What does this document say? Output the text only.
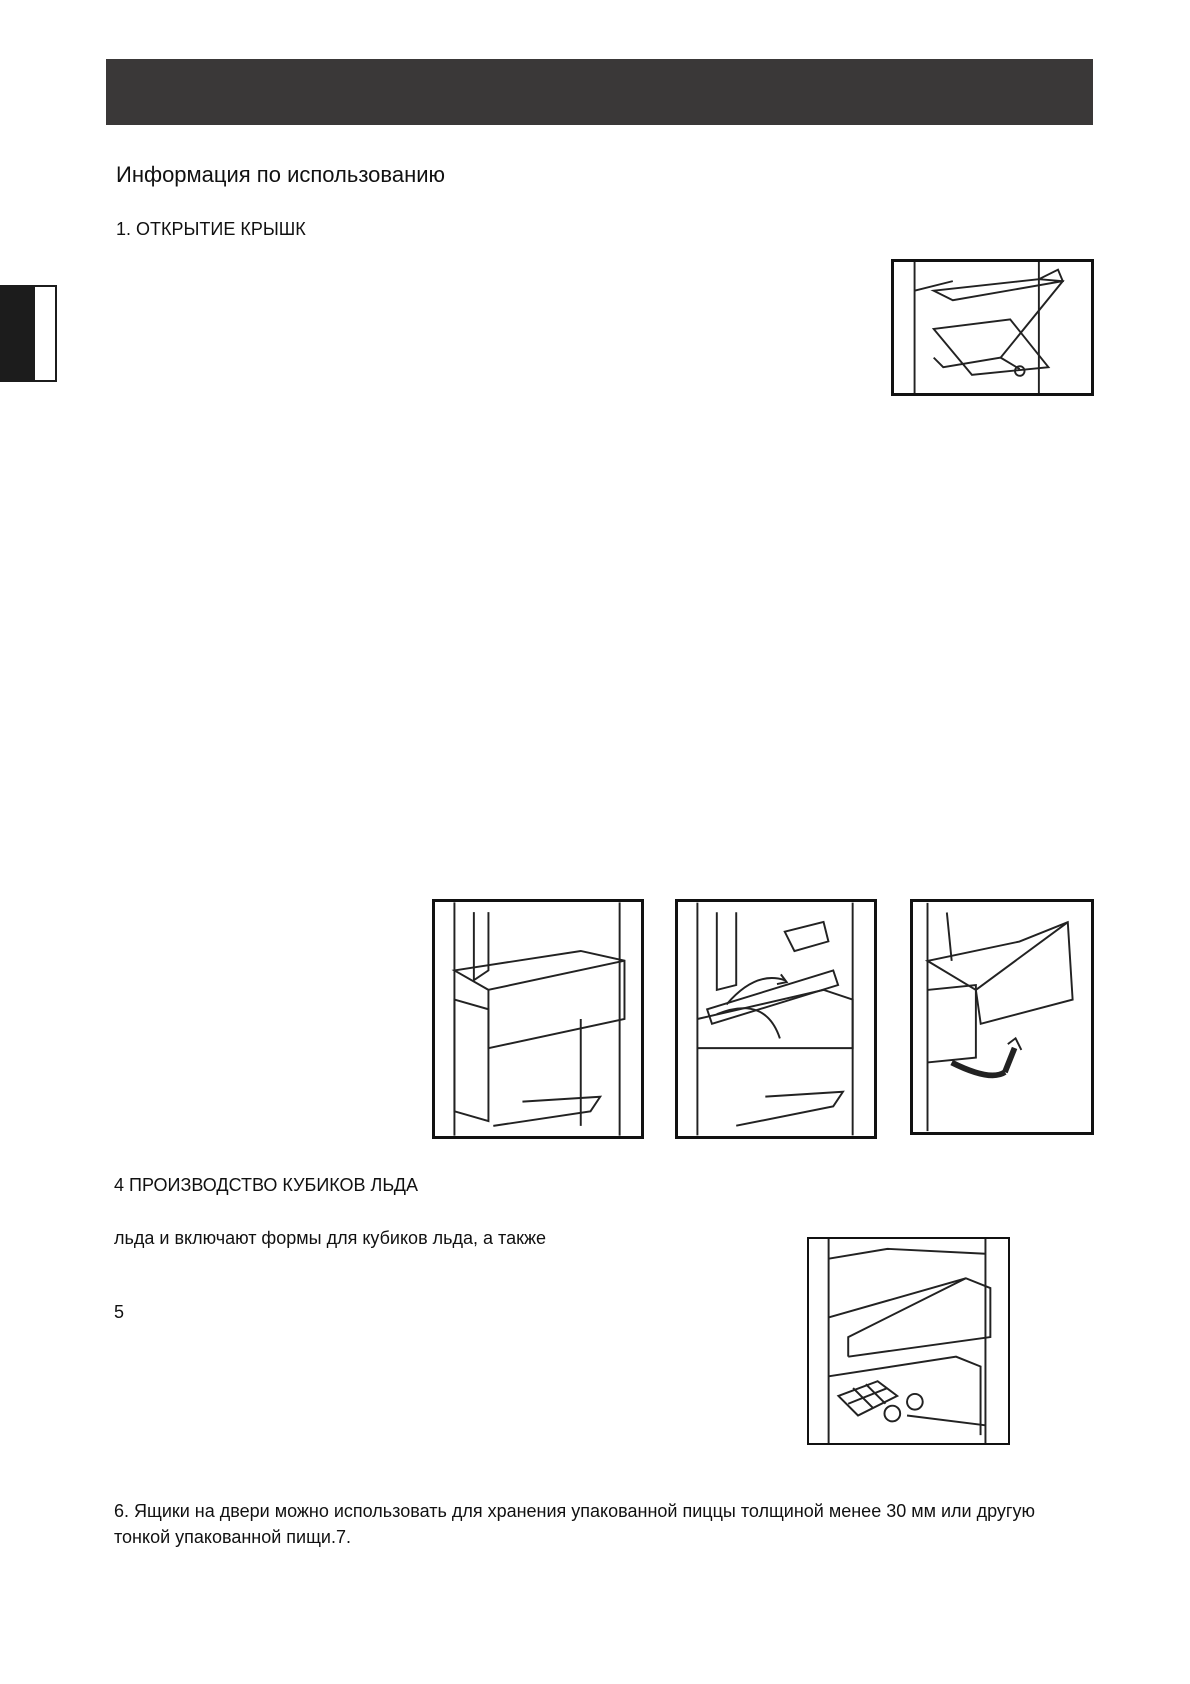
Информация по использованию
1. ОТКРЫТИЕ КРЫШК
4 ПРОИЗВОДСТВО КУБИКОВ ЛЬДА
льда и включают формы для кубиков льда, а также
5
6. Ящики на двери можно использовать для хранения упакованной пиццы толщиной менее 30 мм или другую тонкой упакованной пищи.7.
